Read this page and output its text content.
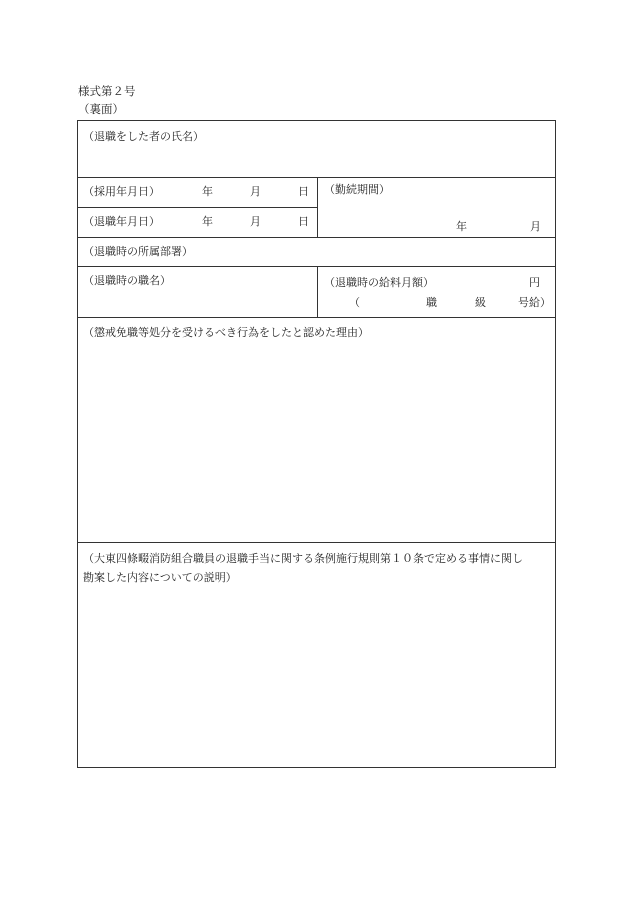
様式第２号
（裏面）
（退職をした者の氏名）
（採用年月日）	年	月	日
（退職年月日）	年	月	日
（勤続期間）
年	月
（退職時の所属部署）
（退職時の職名）	（退職時の給料月額）	円
（	職	級	号給）
（懲戒免職等処分を受けるべき行為をしたと認めた理由）
（大東四條畷消防組合職員の退職手当に関する条例施行規則第１０条で定める事情に関し
勘案した内容についての説明）
